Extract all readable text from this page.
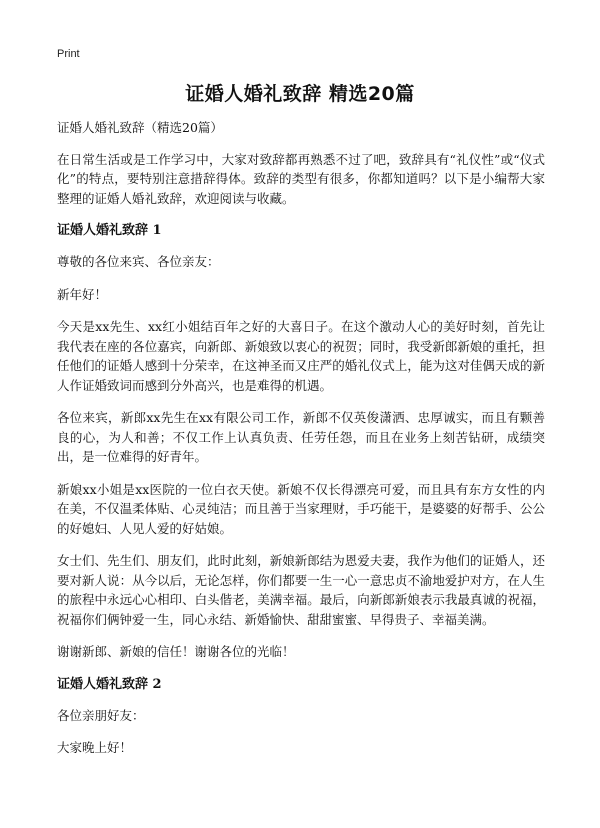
Print
证婚人婚礼致辞 精选20篇

证婚人婚礼致辞（精选20篇）

在日常生活或是工作学习中，大家对致辞都再熟悉不过了吧，致辞具有“礼仪性”或“仪式化”的特点，要特别注意措辞得体。致辞的类型有很多，你都知道吗？以下是小编帮大家整理的证婚人婚礼致辞，欢迎阅读与收藏。

证婚人婚礼致辞 1

尊敬的各位来宾、各位亲友：

新年好！

今天是xx先生、xx红小姐结百年之好的大喜日子。在这个激动人心的美好时刻，首先让我代表在座的各位嘉宾，向新郎、新娘致以衷心的祝贺；同时，我受新郎新娘的重托，担任他们的证婚人感到十分荣幸，在这神圣而又庄严的婚礼仪式上，能为这对佳偶天成的新人作证婚致词而感到分外高兴，也是难得的机遇。

各位来宾，新郎xx先生在xx有限公司工作，新郎不仅英俊潇洒、忠厚诚实，而且有颗善良的心，为人和善；不仅工作上认真负责、任劳任怨，而且在业务上刻苦钻研，成绩突出，是一位难得的好青年。

新娘xx小姐是xx医院的一位白衣天使。新娘不仅长得漂亮可爱，而且具有东方女性的内在美，不仅温柔体贴、心灵纯洁；而且善于当家理财，手巧能干，是婆婆的好帮手、公公的好媳妇、人见人爱的好姑娘。

女士们、先生们、朋友们，此时此刻，新娘新郎结为恩爱夫妻，我作为他们的证婚人，还要对新人说：从今以后，无论怎样，你们都要一生一心一意忠贞不渝地爱护对方，在人生的旅程中永远心心相印、白头偕老，美满幸福。最后，向新郎新娘表示我最真诚的祝福，祝福你们俩钟爱一生，同心永结、新婚愉快、甜甜蜜蜜、早得贵子、幸福美满。

谢谢新郎、新娘的信任！谢谢各位的光临！

证婚人婚礼致辞 2

各位亲朋好友：

大家晚上好！
